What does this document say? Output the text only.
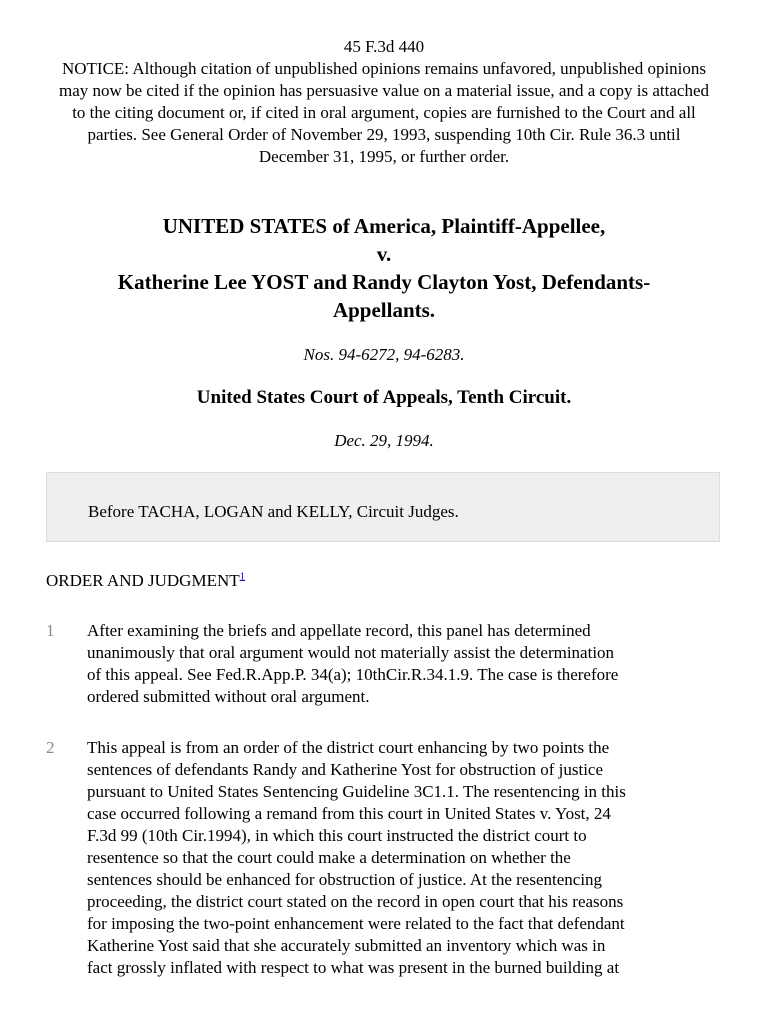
45 F.3d 440
NOTICE: Although citation of unpublished opinions remains unfavored, unpublished opinions may now be cited if the opinion has persuasive value on a material issue, and a copy is attached to the citing document or, if cited in oral argument, copies are furnished to the Court and all parties. See General Order of November 29, 1993, suspending 10th Cir. Rule 36.3 until December 31, 1995, or further order.
UNITED STATES of America, Plaintiff-Appellee,
v.
Katherine Lee YOST and Randy Clayton Yost, Defendants-
Appellants.
Nos. 94-6272, 94-6283.
United States Court of Appeals, Tenth Circuit.
Dec. 29, 1994.
Before TACHA, LOGAN and KELLY, Circuit Judges.
ORDER AND JUDGMENT$^1$
1	After examining the briefs and appellate record, this panel has determined
unanimously that oral argument would not materially assist the determination
of this appeal. See Fed.R.App.P. 34(a); 10thCir.R.34.1.9. The case is therefore
ordered submitted without oral argument.
2	This appeal is from an order of the district court enhancing by two points the
sentences of defendants Randy and Katherine Yost for obstruction of justice
pursuant to United States Sentencing Guideline 3C1.1. The resentencing in this
case occurred following a remand from this court in United States v. Yost, 24
F.3d 99 (10th Cir.1994), in which this court instructed the district court to
resentence so that the court could make a determination on whether the
sentences should be enhanced for obstruction of justice. At the resentencing
proceeding, the district court stated on the record in open court that his reasons
for imposing the two-point enhancement were related to the fact that defendant
Katherine Yost said that she accurately submitted an inventory which was in
fact grossly inflated with respect to what was present in the burned building at
